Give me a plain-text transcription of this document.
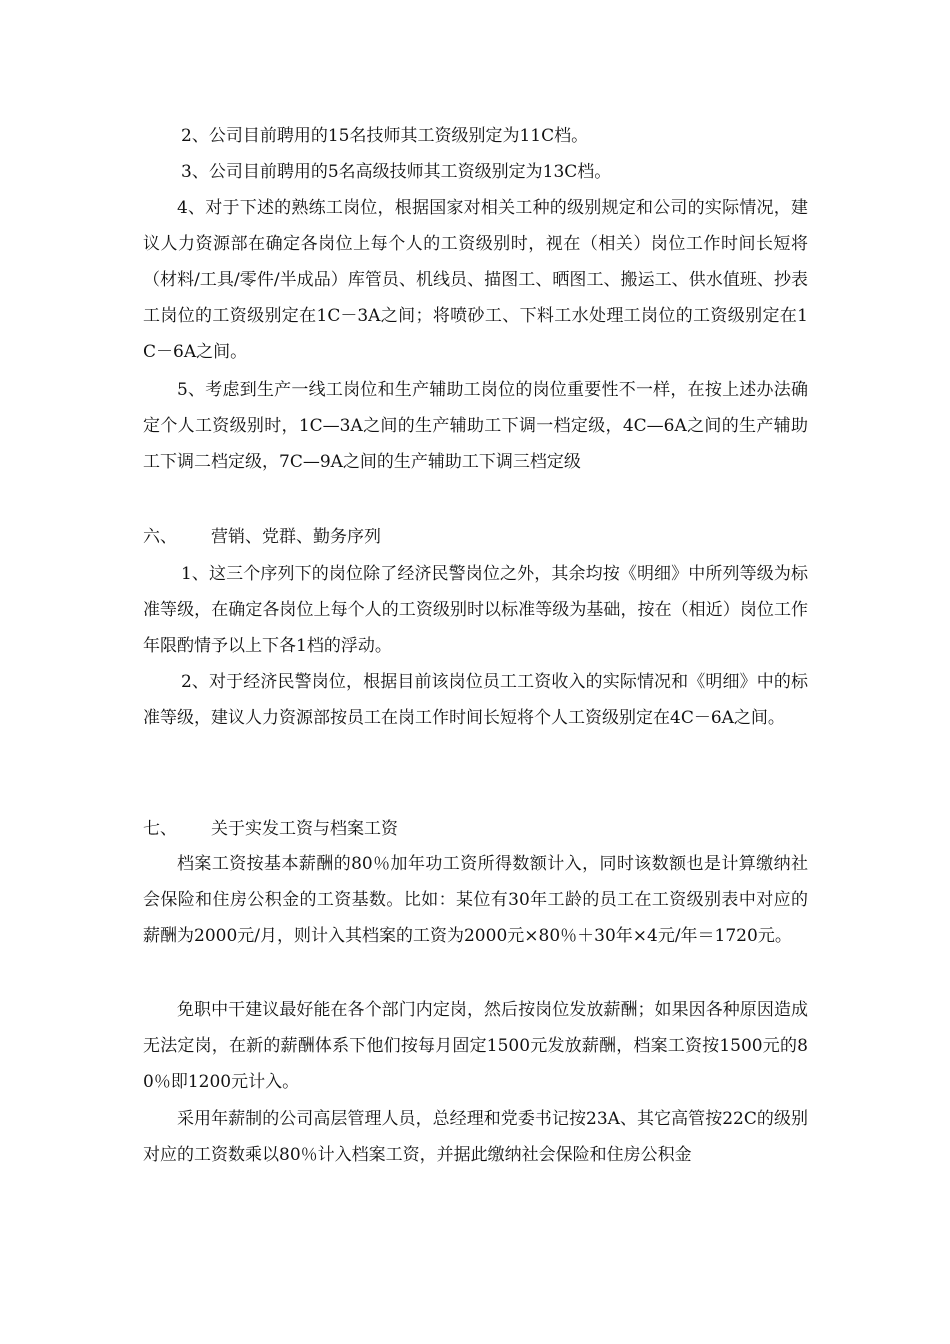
2、公司目前聘用的15名技师其工资级别定为11C档。

3、公司目前聘用的5名高级技师其工资级别定为13C档。

4、对于下述的熟练工岗位，根据国家对相关工种的级别规定和公司的实际情况，建议人力资源部在确定各岗位上每个人的工资级别时，视在（相关）岗位工作时间长短将（材料/工具/零件/半成品）库管员、机线员、描图工、晒图工、搬运工、供水值班、抄表工岗位的工资级别定在1C－3A之间；将喷砂工、下料工水处理工岗位的工资级别定在1C－6A之间。

5、考虑到生产一线工岗位和生产辅助工岗位的岗位重要性不一样，在按上述办法确定个人工资级别时，1C—3A之间的生产辅助工下调一档定级，4C—6A之间的生产辅助工下调二档定级，7C—9A之间的生产辅助工下调三档定级

六、 营销、党群、勤务序列

1、这三个序列下的岗位除了经济民警岗位之外，其余均按《明细》中所列等级为标准等级，在确定各岗位上每个人的工资级别时以标准等级为基础，按在（相近）岗位工作年限酌情予以上下各1档的浮动。

2、对于经济民警岗位，根据目前该岗位员工工资收入的实际情况和《明细》中的标准等级，建议人力资源部按员工在岗工作时间长短将个人工资级别定在4C－6A之间。

七、 关于实发工资与档案工资

档案工资按基本薪酬的80％加年功工资所得数额计入，同时该数额也是计算缴纳社会保险和住房公积金的工资基数。比如：某位有30年工龄的员工在工资级别表中对应的薪酬为2000元/月，则计入其档案的工资为2000元×80％＋30年×4元/年＝1720元。

免职中干建议最好能在各个部门内定岗，然后按岗位发放薪酬；如果因各种原因造成无法定岗，在新的薪酬体系下他们按每月固定1500元发放薪酬，档案工资按1500元的80％即1200元计入。

采用年薪制的公司高层管理人员，总经理和党委书记按23A、其它高管按22C的级别对应的工资数乘以80％计入档案工资，并据此缴纳社会保险和住房公积金
